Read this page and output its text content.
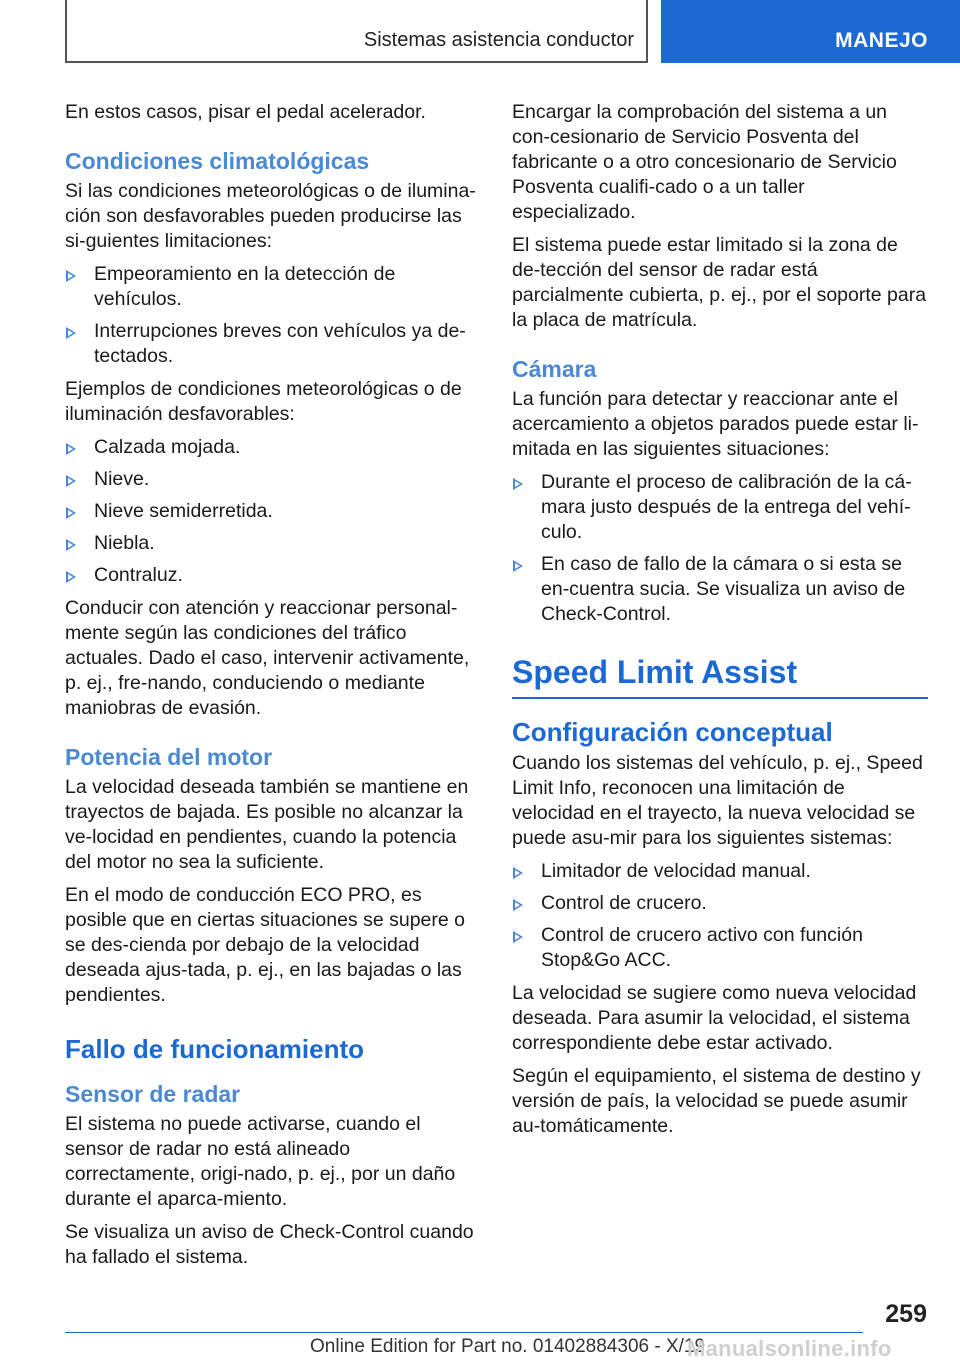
Sistemas asistencia conductor	MANEJO

En estos casos, pisar el pedal acelerador.

Condiciones climatológicas

Si las condiciones meteorológicas o de ilumina-ción son desfavorables pueden producirse las si-guientes limitaciones:

Empeoramiento en la detección de vehículos.
Interrupciones breves con vehículos ya de-tectados.

Ejemplos de condiciones meteorológicas o de iluminación desfavorables:

Calzada mojada.
Nieve.
Nieve semiderretida.
Niebla.
Contraluz.

Conducir con atención y reaccionar personal-mente según las condiciones del tráfico actuales. Dado el caso, intervenir activamente, p. ej., fre-nando, conduciendo o mediante maniobras de evasión.

Potencia del motor

La velocidad deseada también se mantiene en trayectos de bajada. Es posible no alcanzar la ve-locidad en pendientes, cuando la potencia del motor no sea la suficiente.

En el modo de conducción ECO PRO, es posible que en ciertas situaciones se supere o se des-cienda por debajo de la velocidad deseada ajus-tada, p. ej., en las bajadas o las pendientes.

Fallo de funcionamiento
Sensor de radar

El sistema no puede activarse, cuando el sensor de radar no está alineado correctamente, origi-nado, p. ej., por un daño durante el aparca-miento.

Se visualiza un aviso de Check-Control cuando ha fallado el sistema.

Encargar la comprobación del sistema a un con-cesionario de Servicio Posventa del fabricante o a otro concesionario de Servicio Posventa cualifi-cado o a un taller especializado.

El sistema puede estar limitado si la zona de de-tección del sensor de radar está parcialmente cubierta, p. ej., por el soporte para la placa de matrícula.

Cámara

La función para detectar y reaccionar ante el acercamiento a objetos parados puede estar li-mitada en las siguientes situaciones:

Durante el proceso de calibración de la cá-mara justo después de la entrega del vehí-culo.
En caso de fallo de la cámara o si esta se en-cuentra sucia. Se visualiza un aviso de Check-Control.
Speed Limit Assist
Configuración conceptual

Cuando los sistemas del vehículo, p. ej., Speed Limit Info, reconocen una limitación de velocidad en el trayecto, la nueva velocidad se puede asu-mir para los siguientes sistemas:

Limitador de velocidad manual.
Control de crucero.
Control de crucero activo con función Stop&Go ACC.

La velocidad se sugiere como nueva velocidad deseada. Para asumir la velocidad, el sistema correspondiente debe estar activado.

Según el equipamiento, el sistema de destino y versión de país, la velocidad se puede asumir au-tomáticamente.

259
Online Edition for Part no. 01402884306 - X/19
Manualsonline.info
